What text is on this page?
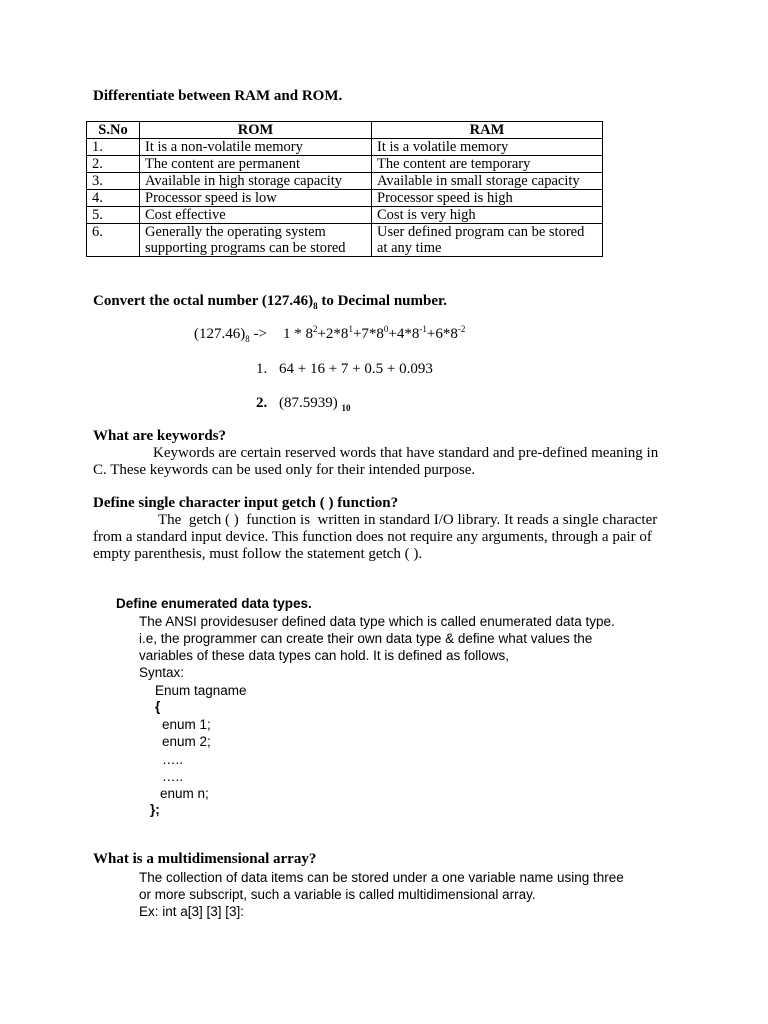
Differentiate between RAM and ROM.
S.No	ROM	RAM
1.	It is a non-volatile memory	It is a volatile memory
2.	The content are permanent	The content are temporary
3.	Available in high storage capacity	Available in small storage capacity
4.	Processor speed is low	Processor speed is high
5.	Cost effective	Cost is very high
6.	Generally the operating system supporting programs can be stored	User defined program can be stored at any time
Convert the octal number $(127.46)_8$ to Decimal number.
$(127.46)_8 -> 1 * 8^2+2*8^1+7*8^0+4*8^{-1}+6*8^{-2}$
1. 64 + 16 + 7 + 0.5 + 0.093
2. (87.5939) $_{10}$
What are keywords?
Keywords are certain reserved words that have standard and pre-defined meaning in
C. These keywords can be used only for their intended purpose.
Define single character input getch ( ) function?
The  getch ( )  function is  written in standard I/O library. It reads a single character
from a standard input device. This function does not require any arguments, through a pair of
empty parenthesis, must follow the statement getch ( ).
Define enumerated data types.
The ANSI providesuser defined data type which is called enumerated data type.
i.e, the programmer can create their own data type & define what values the
variables of these data types can hold. It is defined as follows,
Syntax:
Enum tagname
{
enum 1;
enum 2;
…..
…..
enum n;
};
What is a multidimensional array?
The collection of data items can be stored under a one variable name using three
or more subscript, such a variable is called multidimensional array.
Ex: int a[3] [3] [3]:
